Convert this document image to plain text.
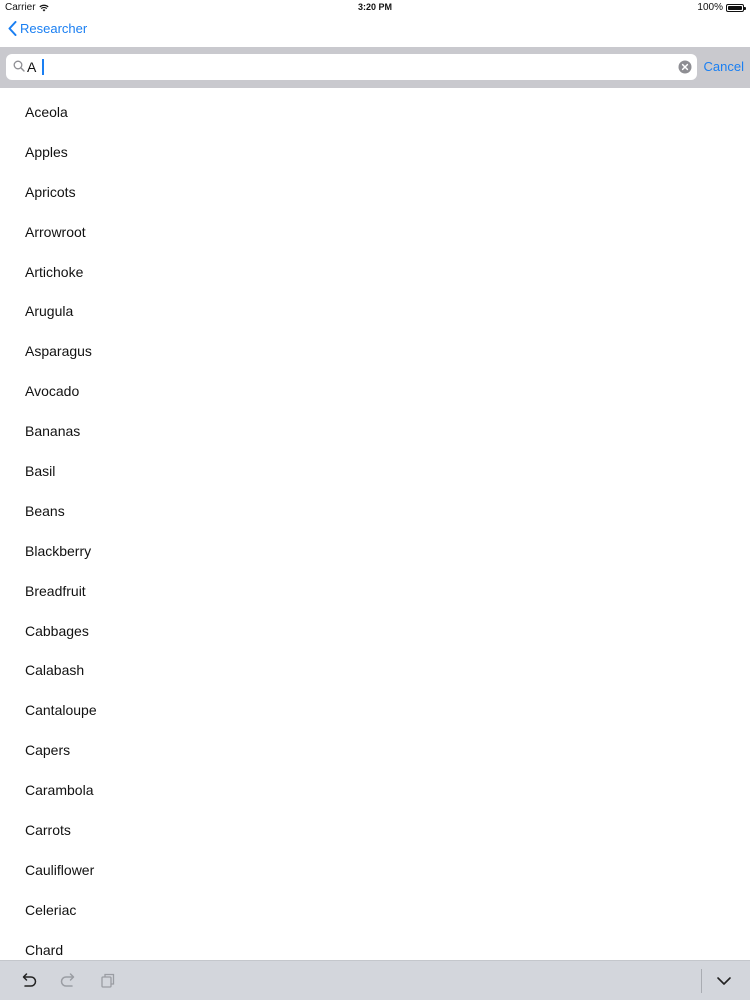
Carrier	3:20 PM	100%
Researcher
A
Cancel
Aceola
Apples
Apricots
Arrowroot
Artichoke
Arugula
Asparagus
Avocado
Bananas
Basil
Beans
Blackberry
Breadfruit
Cabbages
Calabash
Cantaloupe
Capers
Carambola
Carrots
Cauliflower
Celeriac
Chard
